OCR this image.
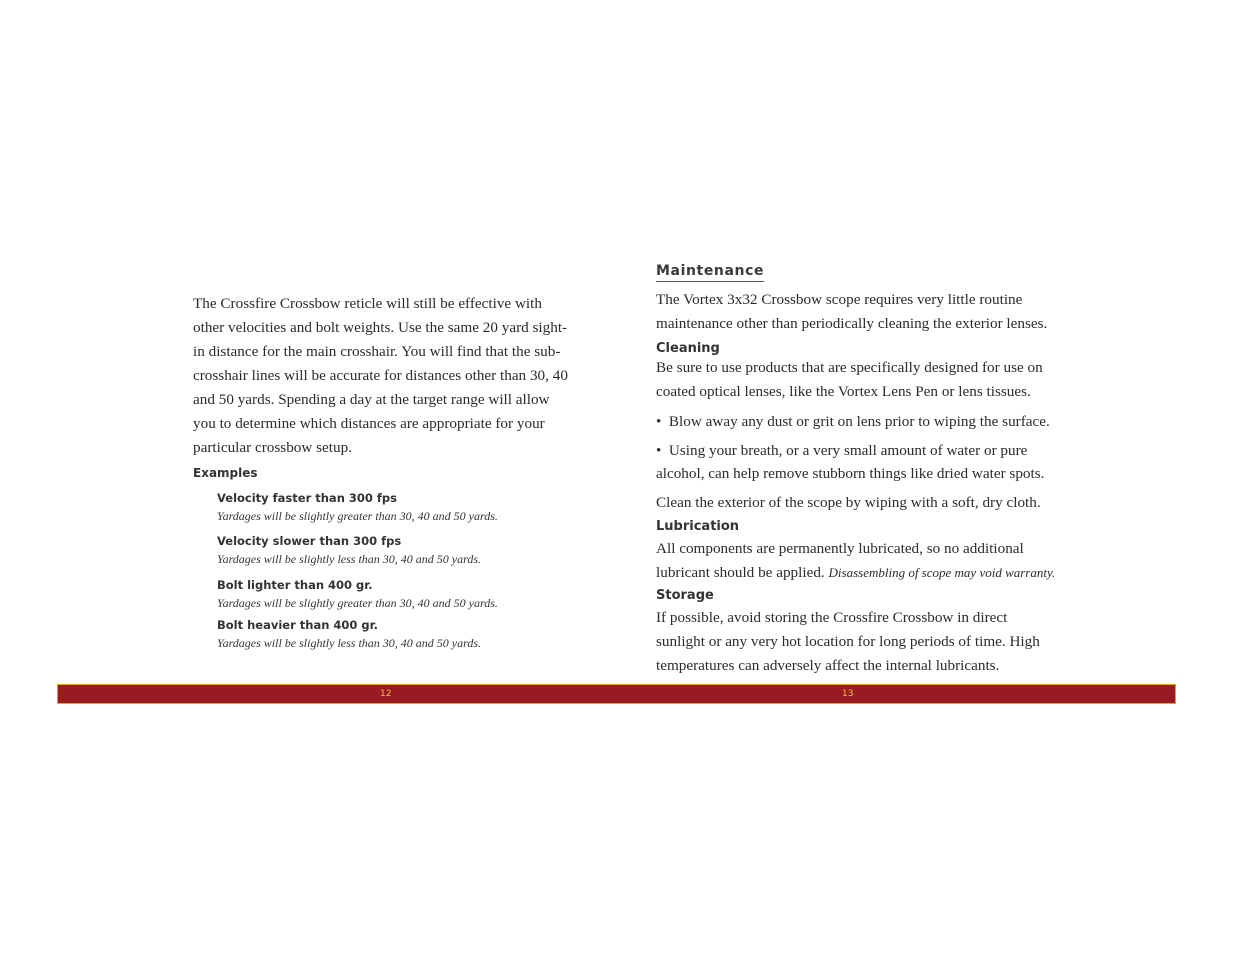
The Crossfire Crossbow reticle will still be effective with other velocities and bolt weights. Use the same 20 yard sight-in distance for the main crosshair. You will find that the sub-crosshair lines will be accurate for distances other than 30, 40 and 50 yards. Spending a day at the target range will allow you to determine which distances are appropriate for your particular crossbow setup.

Examples

Velocity faster than 300 fps

Yardages will be slightly greater than 30, 40 and 50 yards.

Velocity slower than 300 fps

Yardages will be slightly less than 30, 40 and 50 yards.

Bolt lighter than 400 gr.

Yardages will be slightly greater than 30, 40 and 50 yards.

Bolt heavier than 400 gr.

Yardages will be slightly less than 30, 40 and 50 yards.

Maintenance

The Vortex 3x32 Crossbow scope requires very little routine maintenance other than periodically cleaning the exterior lenses.

Cleaning

Be sure to use products that are specifically designed for use on coated optical lenses, like the Vortex Lens Pen or lens tissues.

•  Blow away any dust or grit on lens prior to wiping the surface.

•  Using your breath, or a very small amount of water or pure alcohol, can help remove stubborn things like dried water spots.

Clean the exterior of the scope by wiping with a soft, dry cloth.

Lubrication

All components are permanently lubricated, so no additional lubricant should be applied. Disassembling of scope may void warranty.

Storage

If possible, avoid storing the Crossfire Crossbow in direct sunlight or any very hot location for long periods of time. High temperatures can adversely affect the internal lubricants.

12	13
